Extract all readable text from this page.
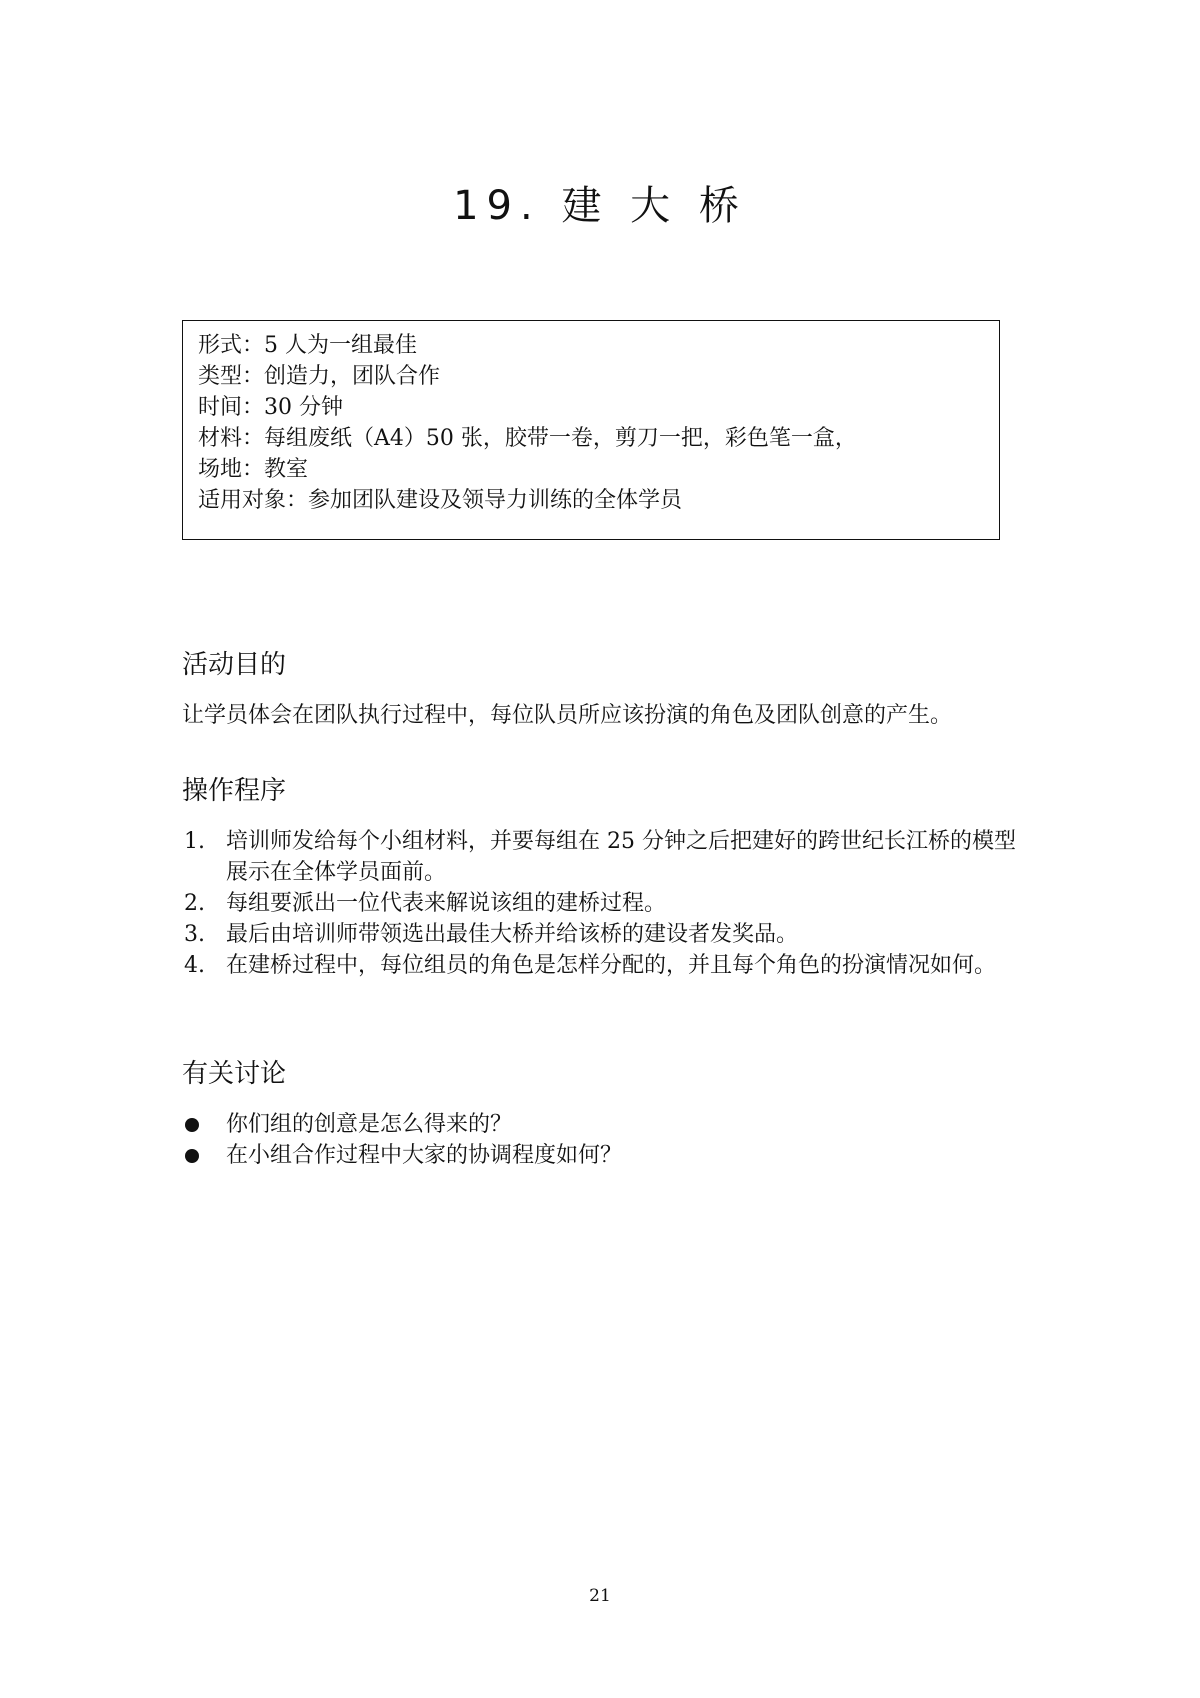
19. 建 大 桥
形式：5 人为一组最佳
类型：创造力，团队合作
时间：30 分钟
材料：每组废纸（A4）50 张，胶带一卷，剪刀一把，彩色笔一盒，
场地：教室
适用对象：参加团队建设及领导力训练的全体学员
活动目的

让学员体会在团队执行过程中，每位队员所应该扮演的角色及团队创意的产生。

操作程序
1. 培训师发给每个小组材料，并要每组在 25 分钟之后把建好的跨世纪长江桥的模型展示在全体学员面前。
2. 每组要派出一位代表来解说该组的建桥过程。
3. 最后由培训师带领选出最佳大桥并给该桥的建设者发奖品。
4. 在建桥过程中，每位组员的角色是怎样分配的，并且每个角色的扮演情况如何。
有关讨论
你们组的创意是怎么得来的？
在小组合作过程中大家的协调程度如何？
21
